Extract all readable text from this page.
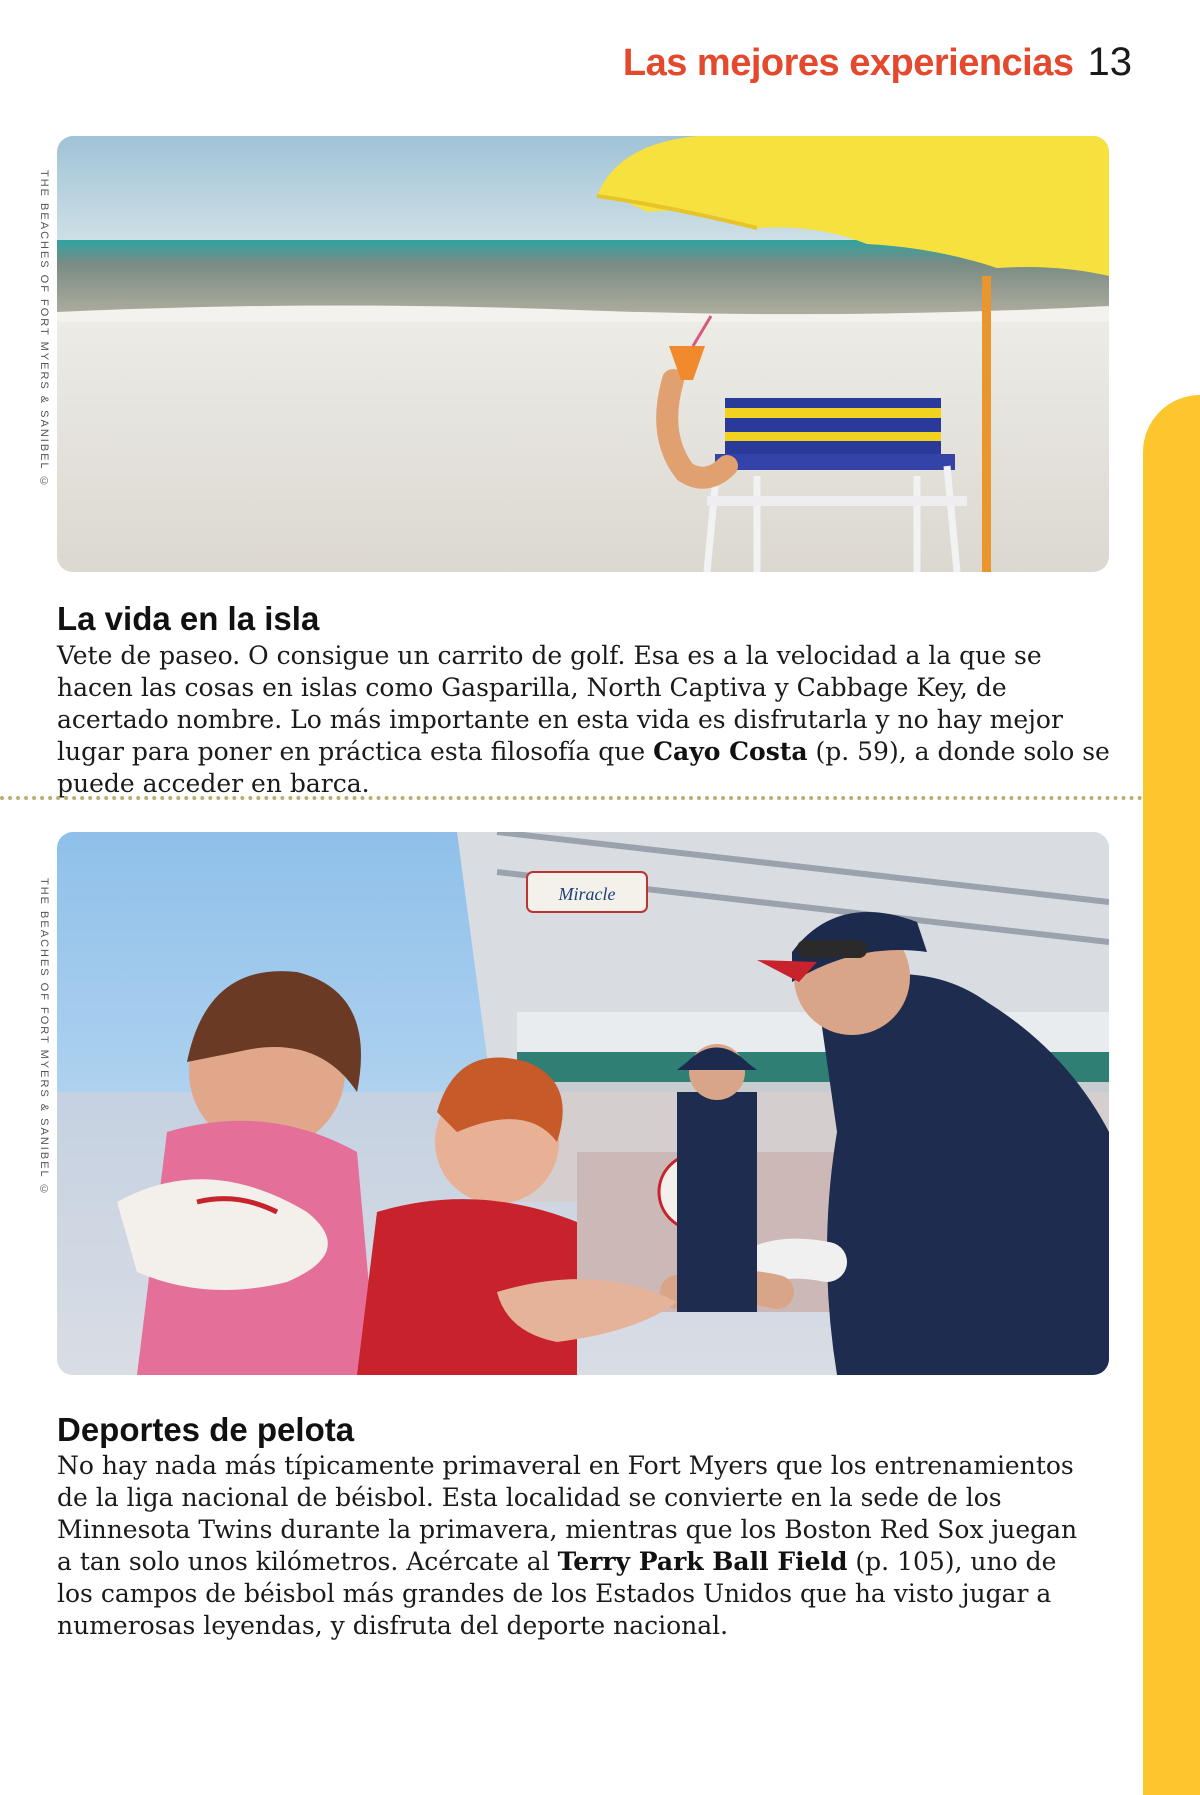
Las mejores experiencias 13
THE BEACHES OF FORT MYERS & SANIBEL ©
La vida en la isla

Vete de paseo. O consigue un carrito de golf. Esa es a la velocidad a la que se hacen las cosas en islas como Gasparilla, North Captiva y Cabbage Key, de acertado nombre. Lo más importante en esta vida es disfrutarla y no hay mejor lugar para poner en práctica esta filosofía que Cayo Costa (p. 59), a donde solo se puede acceder en barca.

THE BEACHES OF FORT MYERS & SANIBEL ©	Miracle
Deportes de pelota

No hay nada más típicamente primaveral en Fort Myers que los entrenamientos de la liga nacional de béisbol. Esta localidad se convierte en la sede de los Minnesota Twins durante la primavera, mientras que los Boston Red Sox juegan a tan solo unos kilómetros. Acércate al Terry Park Ball Field (p. 105), uno de los campos de béisbol más grandes de los Estados Unidos que ha visto jugar a numerosas leyendas, y disfruta del deporte nacional.
